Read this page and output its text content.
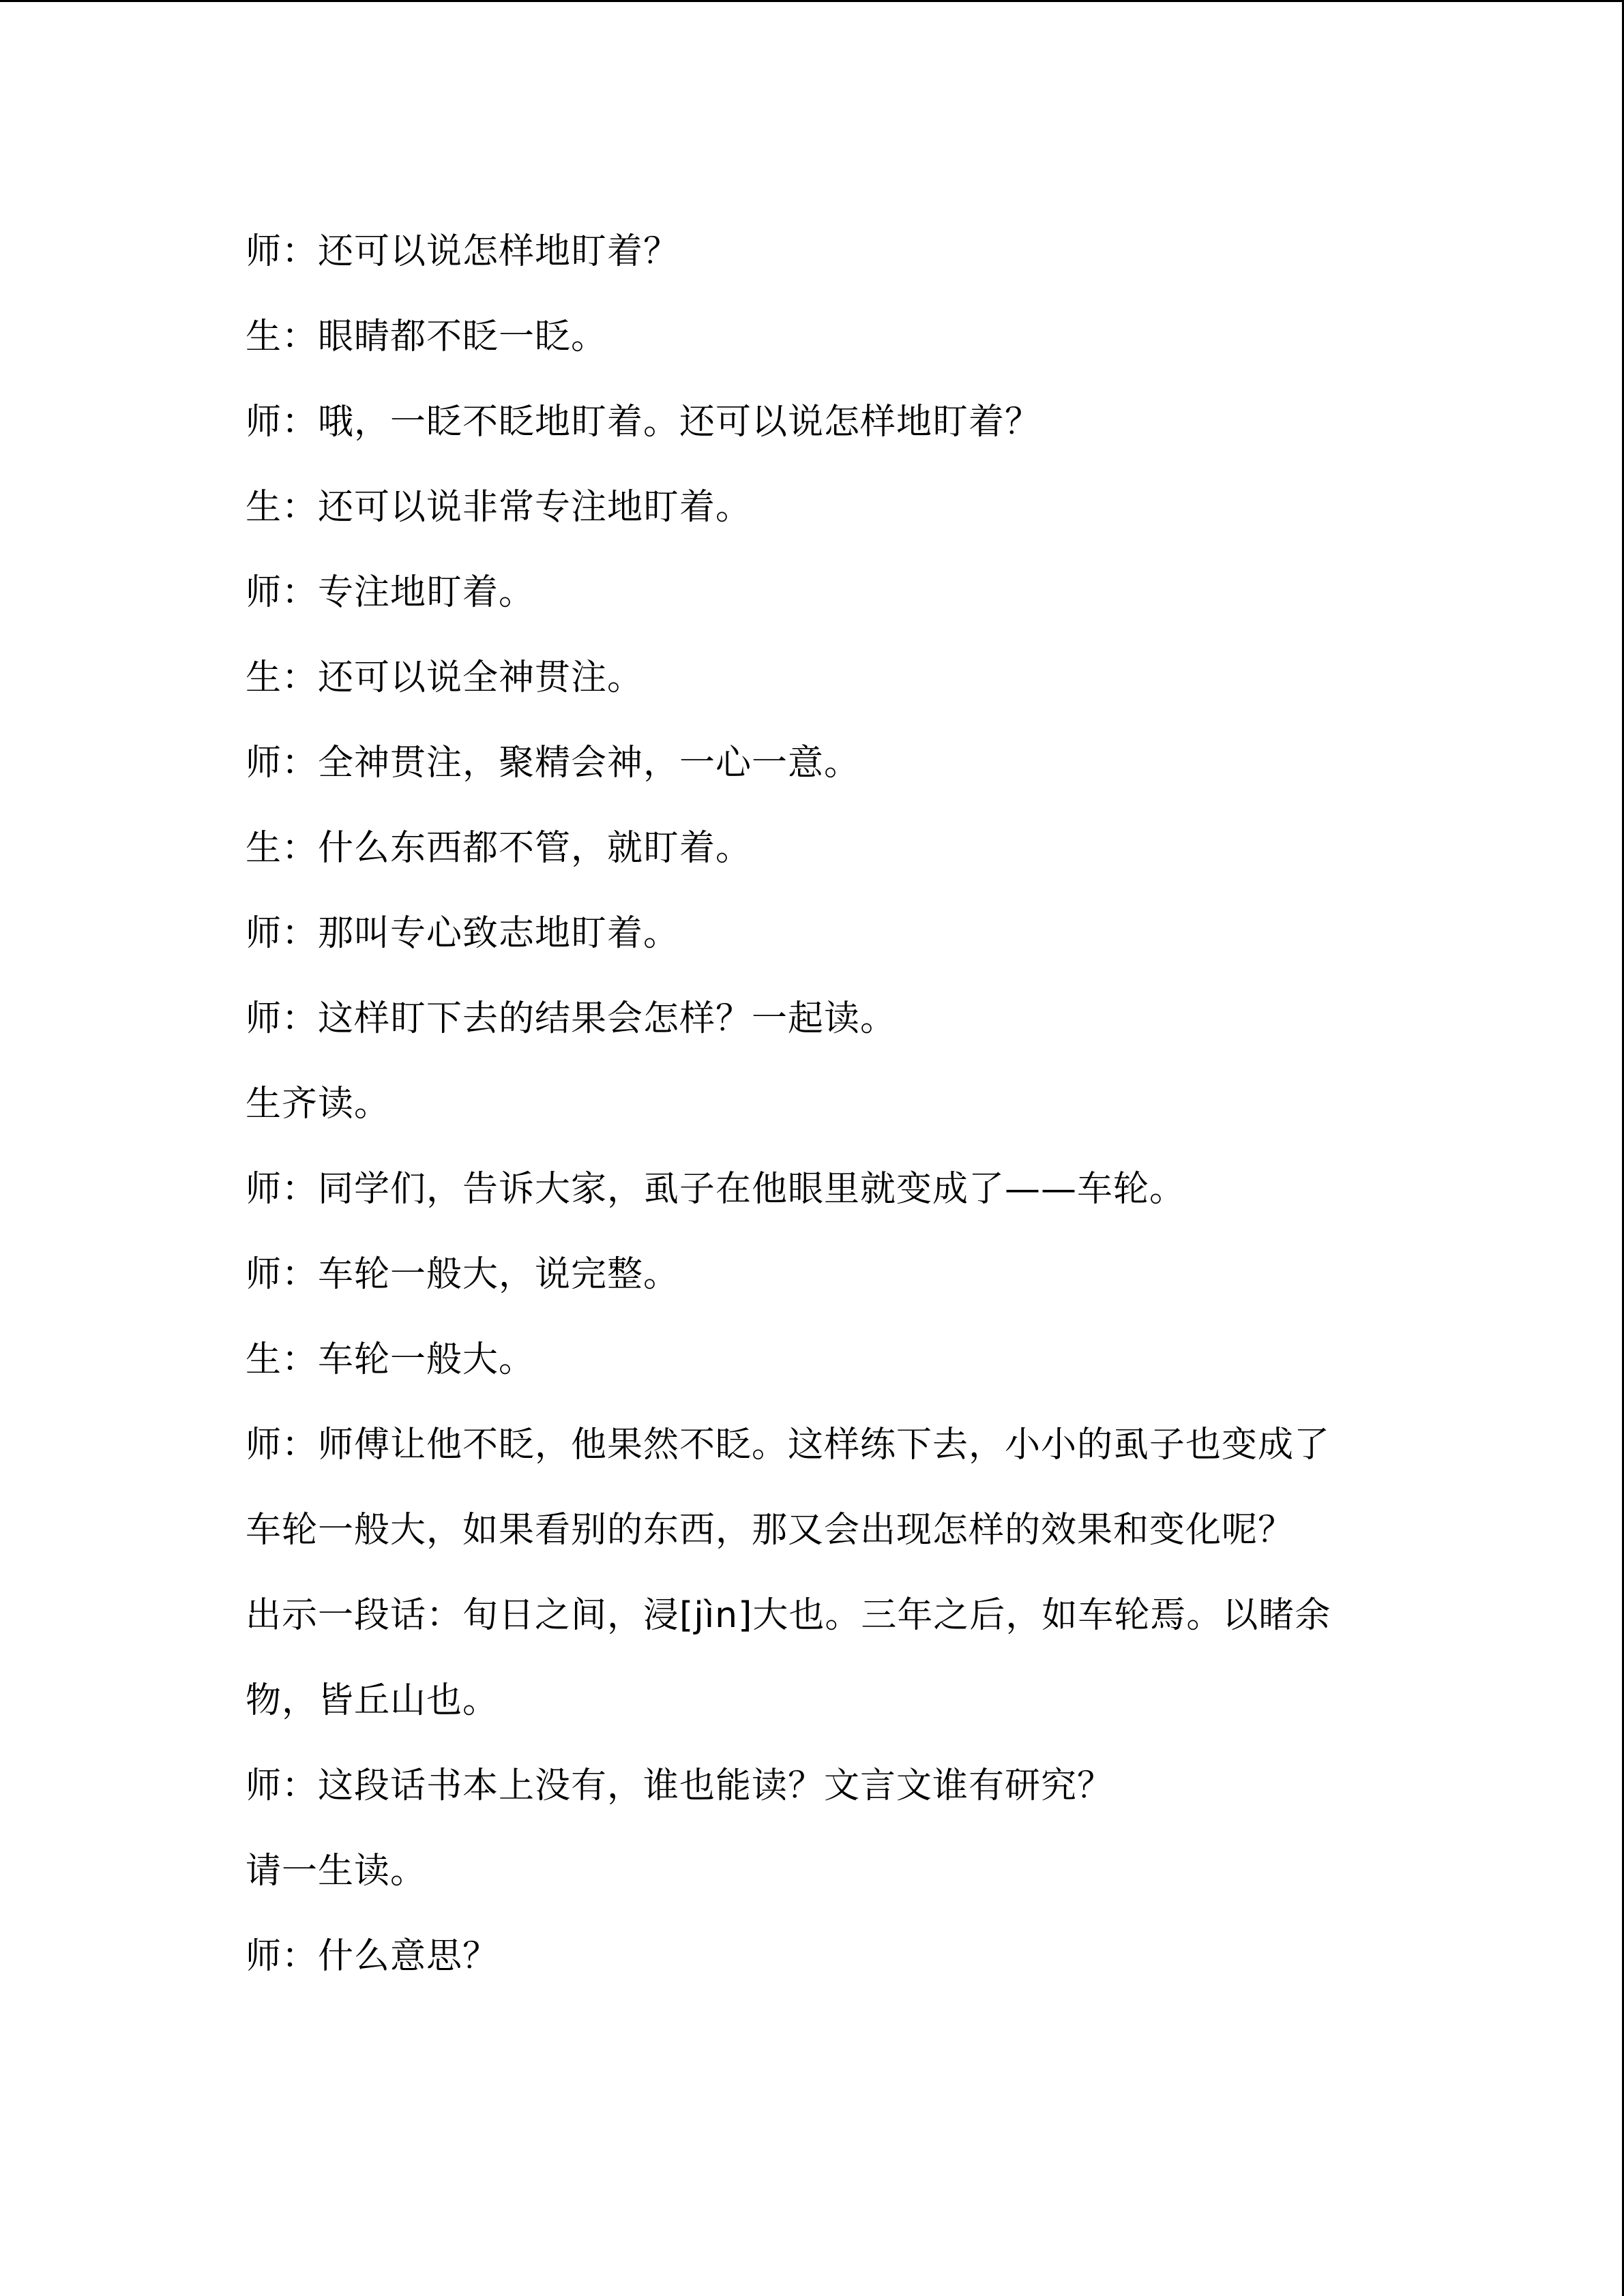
师：还可以说怎样地盯着？

生：眼睛都不眨一眨。

师：哦，一眨不眨地盯着。还可以说怎样地盯着？

生：还可以说非常专注地盯着。

师：专注地盯着。

生：还可以说全神贯注。

师：全神贯注，聚精会神，一心一意。

生：什么东西都不管，就盯着。

师：那叫专心致志地盯着。

师：这样盯下去的结果会怎样？一起读。

生齐读。

师：同学们，告诉大家，虱子在他眼里就变成了——车轮。

师：车轮一般大，说完整。

生：车轮一般大。

师：师傅让他不眨，他果然不眨。这样练下去，小小的虱子也变成了车轮一般大，如果看别的东西，那又会出现怎样的效果和变化呢？

出示一段话：旬日之间，浸[jìn]大也。三年之后，如车轮焉。以睹余物，皆丘山也。

师：这段话书本上没有，谁也能读？文言文谁有研究？

请一生读。

师：什么意思？
